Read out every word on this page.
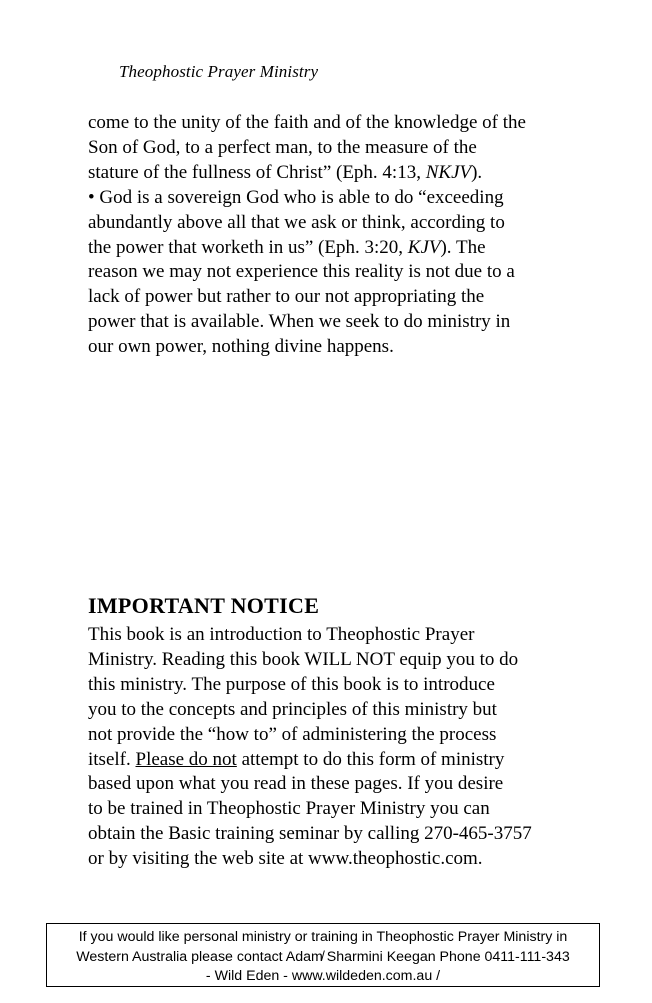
Theophostic Prayer Ministry
come to the unity of the faith and of the knowledge of the
Son of God, to a perfect man, to the measure of the
stature of the fullness of Christ” (Eph. 4:13, NKJV).
• God is a sovereign God who is able to do “exceeding
abundantly above all that we ask or think, according to
the power that worketh in us” (Eph. 3:20, KJV). The
reason we may not experience this reality is not due to a
lack of power but rather to our not appropriating the
power that is available. When we seek to do ministry in
our own power, nothing divine happens.
IMPORTANT NOTICE
This book is an introduction to Theophostic Prayer
Ministry. Reading this book WILL NOT equip you to do
this ministry. The purpose of this book is to introduce
you to the concepts and principles of this ministry but
not provide the “how to” of administering the process
itself. Please do not attempt to do this form of ministry
based upon what you read in these pages. If you desire
to be trained in Theophostic Prayer Ministry you can
obtain the Basic training seminar by calling 270-465-3757
or by visiting the web site at www.theophostic.com.
If you would like personal ministry or training in Theophostic Prayer Ministry in
Western Australia please contact Adam̸ Sharmini Keegan Phone 0411-111-343
- Wild Eden - www.wildeden.com.au /
